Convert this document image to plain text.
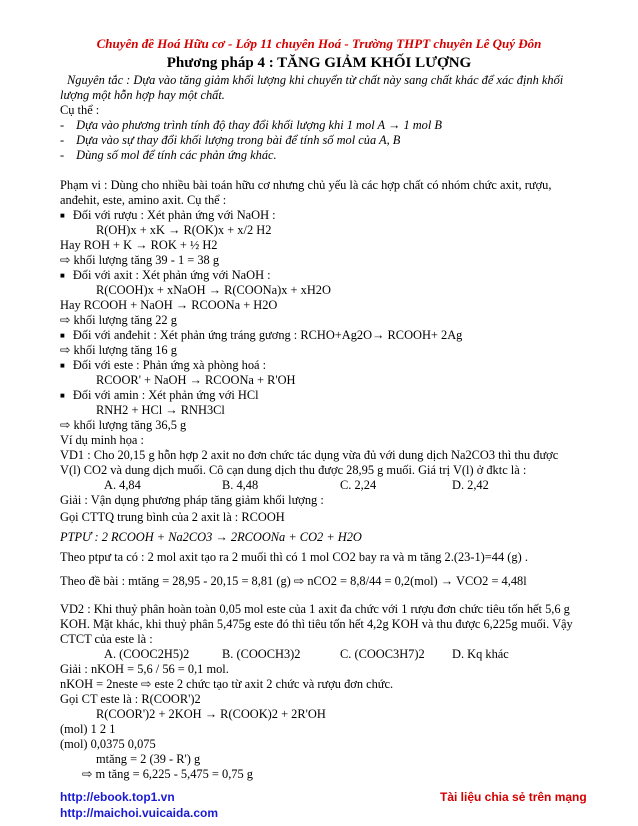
Chuyên đề Hoá Hữu cơ - Lớp 11 chuyên Hoá - Trường THPT chuyên Lê Quý Đôn
Phương pháp 4 : TĂNG GIẢM KHỐI LƯỢNG
Nguyên tắc : Dựa vào tăng giảm khối lượng khi chuyển từ chất này sang chất khác để xác định khối
lượng một hỗn hợp hay một chất.
Cụ thể :
- Dựa vào phương trình tính độ thay đổi khối lượng khi 1 mol A → 1 mol B
- Dựa vào sự thay đổi khối lượng trong bài để tính số mol của A, B
- Dùng số mol để tính các phản ứng khác.
Phạm vi : Dùng cho nhiều bài toán hữu cơ nhưng chủ yếu là các hợp chất có nhóm chức axit, rượu,
anđehit, este, amino axit. Cụ thể :
■ Đối với rượu : Xét phản ứng với NaOH :
R(OH)x + xK → R(OK)x + x/2 H2
Hay ROH + K → ROK + ½ H2
⇨ khối lượng tăng 39 - 1 = 38 g
■ Đối với axit : Xét phản ứng với NaOH :
R(COOH)x + xNaOH → R(COONa)x + xH2O
Hay RCOOH + NaOH → RCOONa + H2O
⇨ khối lượng tăng 22 g
■ Đối với anđehit : Xét phản ứng tráng gương : RCHO+Ag2O→ RCOOH+ 2Ag
⇨ khối lượng tăng 16 g
■ Đối với este : Phản ứng xà phòng hoá :
RCOOR' + NaOH → RCOONa + R'OH
■ Đối với amin : Xét phản ứng với HCl
RNH2 + HCl → RNH3Cl
⇨ khối lượng tăng 36,5 g
Ví dụ minh họa :
VD1 : Cho 20,15 g hỗn hợp 2 axit no đơn chức tác dụng vừa đủ với dung dịch Na2CO3 thì thu được
V(l) CO2 và dung dịch muối. Cô cạn dung dịch thu được 28,95 g muối. Giá trị V(l) ở đktc là :
A. 4,84	B. 4,48	C. 2,24	D. 2,42
Giải : Vận dụng phương pháp tăng giảm khối lượng :
Gọi CTTQ trung bình của 2 axit là : RCOOH
PTPƯ : 2 RCOOH + Na2CO3 → 2RCOONa + CO2 + H2O
Theo ptpư ta có : 2 mol axit tạo ra 2 muối thì có 1 mol CO2 bay ra và m tăng 2.(23-1)=44 (g) .
Theo đề bài : mtăng = 28,95 - 20,15 = 8,81 (g) ⇨ nCO2 = 8,8/44 = 0,2(mol) → VCO2 = 4,48l
VD2 : Khi thuỷ phân hoàn toàn 0,05 mol este của 1 axit đa chức với 1 rượu đơn chức tiêu tốn hết 5,6 g
KOH. Mặt khác, khi thuỷ phân 5,475g este đó thì tiêu tốn hết 4,2g KOH và thu được 6,225g muối. Vậy
CTCT của este là :
A. (COOC2H5)2	B. (COOCH3)2	C. (COOC3H7)2 D. Kq khác
Giải : nKOH = 5,6 / 56 = 0,1 mol.
nKOH = 2neste ⇨ este 2 chức tạo từ axit 2 chức và rượu đơn chức.
Gọi CT este là : R(COOR')2
R(COOR')2 + 2KOH → R(COOK)2 + 2R'OH
(mol) 1 2 1
(mol) 0,0375 0,075
mtăng = 2 (39 - R') g
⇨ m tăng = 6,225 - 5,475 = 0,75 g
http://ebook.top1.vn
http://maichoi.vuicaida.com
Tài liệu chia sẻ trên mạng
